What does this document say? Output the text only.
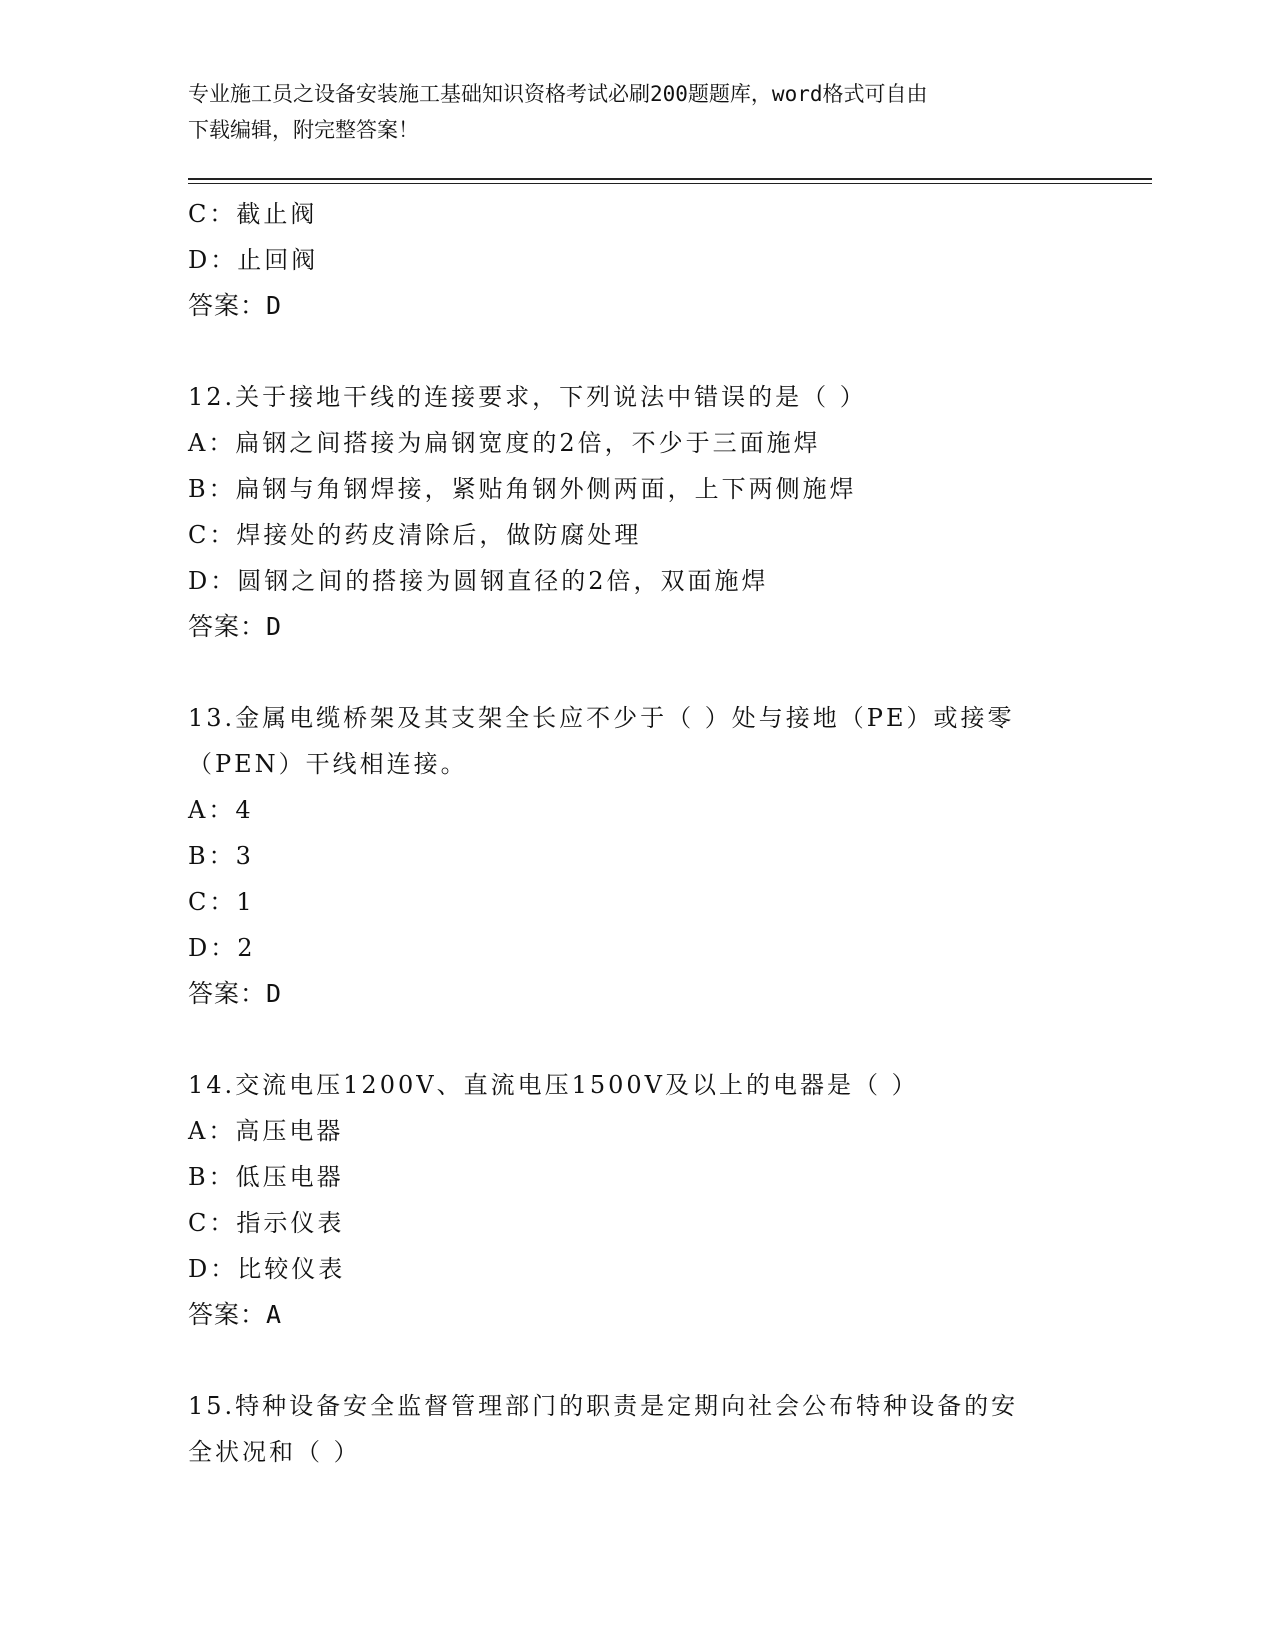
专业施工员之设备安装施工基础知识资格考试必刷200题题库，word格式可自由
下载编辑，附完整答案！
C：截止阀
D：止回阀
答案：D
12.关于接地干线的连接要求，下列说法中错误的是（ ）
A：扁钢之间搭接为扁钢宽度的2倍，不少于三面施焊
B：扁钢与角钢焊接，紧贴角钢外侧两面，上下两侧施焊
C：焊接处的药皮清除后，做防腐处理
D：圆钢之间的搭接为圆钢直径的2倍，双面施焊
答案：D
13.金属电缆桥架及其支架全长应不少于（ ）处与接地（PE）或接零
（PEN）干线相连接。
A：4
B：3
C：1
D：2
答案：D
14.交流电压1200V、直流电压1500V及以上的电器是（ ）
A：高压电器
B：低压电器
C：指示仪表
D：比较仪表
答案：A
15.特种设备安全监督管理部门的职责是定期向社会公布特种设备的安
全状况和（ ）
